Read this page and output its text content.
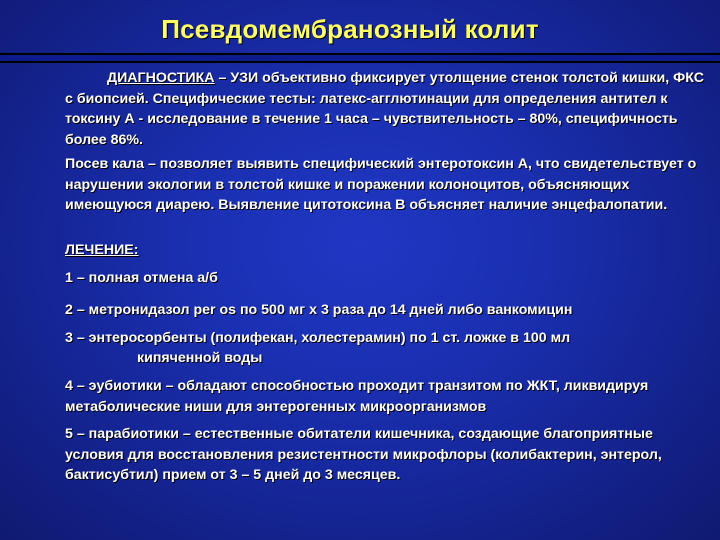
Псевдомембранозный колит

ДИАГНОСТИКА – УЗИ объективно фиксирует утолщение стенок толстой кишки, ФКС с биопсией. Специфические тесты: латекс-агглютинации для определения антител к токсину А - исследование в течение 1 часа – чувствительность – 80%, специфичность более 86%.

Посев кала – позволяет выявить специфический энтеротоксин А, что свидетельствует о нарушении экологии в толстой кишке и поражении колоноцитов, объясняющих имеющуюся диарею. Выявление цитотоксина В объясняет наличие энцефалопатии.

ЛЕЧЕНИЕ:

1 – полная отмена а/б

2 – метронидазол per os по 500 мг х 3 раза до 14 дней либо ванкомицин

3 – энтеросорбенты (полифекан, холестерамин) по 1 ст. ложке в 100 мл

кипяченной воды

4 – эубиотики – обладают способностью проходит транзитом по ЖКТ, ликвидируя метаболические ниши для энтерогенных микроорганизмов

5 – парабиотики – естественные обитатели кишечника, создающие благоприятные условия для восстановления резистентности микрофлоры (колибактерин, энтерол, бактисубтил) прием от 3 – 5 дней до 3 месяцев.
